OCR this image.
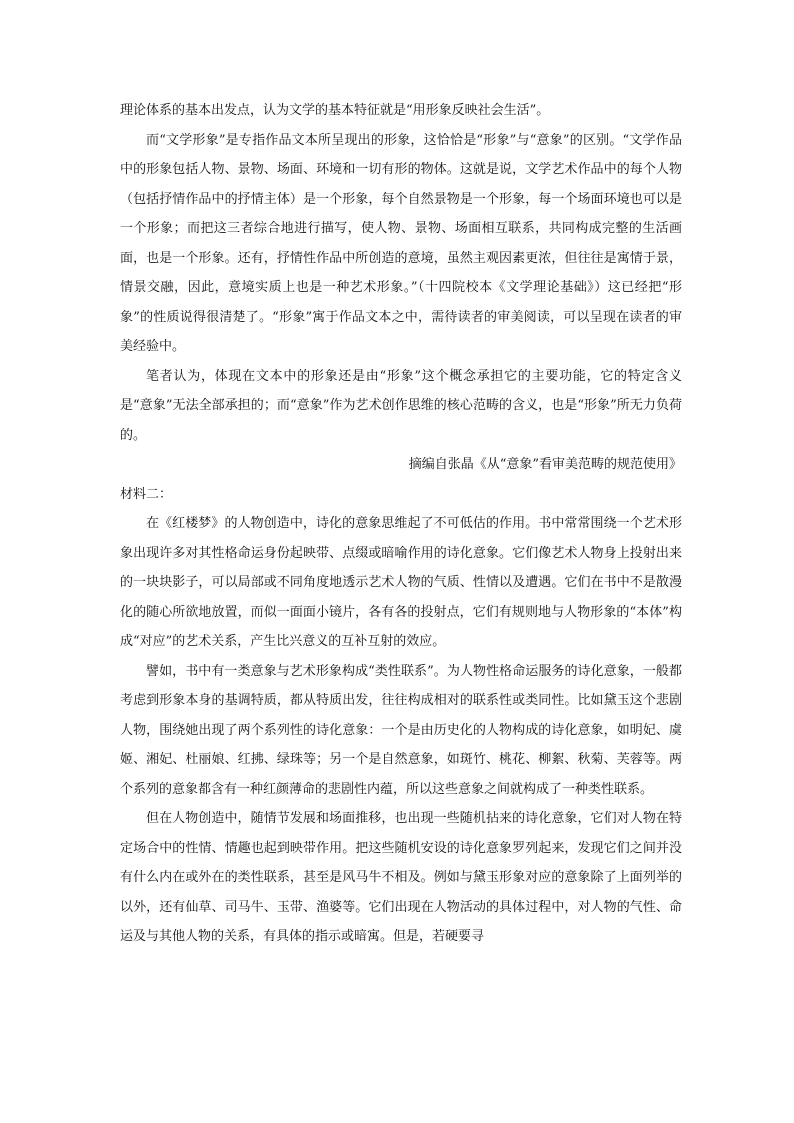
理论体系的基本出发点，认为文学的基本特征就是“用形象反映社会生活”。

而“文学形象”是专指作品文本所呈现出的形象，这恰恰是“形象”与“意象”的区别。“文学作品中的形象包括人物、景物、场面、环境和一切有形的物体。这就是说，文学艺术作品中的每个人物（包括抒情作品中的抒情主体）是一个形象，每个自然景物是一个形象，每一个场面环境也可以是一个形象；而把这三者综合地进行描写，使人物、景物、场面相互联系，共同构成完整的生活画面，也是一个形象。还有，抒情性作品中所创造的意境，虽然主观因素更浓，但往往是寓情于景，情景交融，因此，意境实质上也是一种艺术形象。”（十四院校本《文学理论基础》）这已经把“形象”的性质说得很清楚了。“形象”寓于作品文本之中，需待读者的审美阅读，可以呈现在读者的审美经验中。

笔者认为，体现在文本中的形象还是由“形象”这个概念承担它的主要功能，它的特定含义是“意象”无法全部承担的；而“意象”作为艺术创作思维的核心范畴的含义，也是“形象”所无力负荷的。

摘编自张晶《从“意象”看审美范畴的规范使用》

材料二：

在《红楼梦》的人物创造中，诗化的意象思维起了不可低估的作用。书中常常围绕一个艺术形象出现许多对其性格命运身份起映带、点缀或暗喻作用的诗化意象。它们像艺术人物身上投射出来的一块块影子，可以局部或不同角度地透示艺术人物的气质、性情以及遭遇。它们在书中不是散漫化的随心所欲地放置，而似一面面小镜片，各有各的投射点，它们有规则地与人物形象的“本体”构成“对应”的艺术关系，产生比兴意义的互补互射的效应。

譬如，书中有一类意象与艺术形象构成“类性联系”。为人物性格命运服务的诗化意象，一般都考虑到形象本身的基调特质，都从特质出发，往往构成相对的联系性或类同性。比如黛玉这个悲剧人物，围绕她出现了两个系列性的诗化意象：一个是由历史化的人物构成的诗化意象，如明妃、虞姬、湘妃、杜丽娘、红拂、绿珠等；另一个是自然意象，如斑竹、桃花、柳絮、秋菊、芙蓉等。两个系列的意象都含有一种红颜薄命的悲剧性内蕴，所以这些意象之间就构成了一种类性联系。

但在人物创造中，随情节发展和场面推移，也出现一些随机拈来的诗化意象，它们对人物在特定场合中的性情、情趣也起到映带作用。把这些随机安设的诗化意象罗列起来，发现它们之间并没有什么内在或外在的类性联系，甚至是风马牛不相及。例如与黛玉形象对应的意象除了上面列举的以外，还有仙草、司马牛、玉带、渔婆等。它们出现在人物活动的具体过程中，对人物的气性、命运及与其他人物的关系，有具体的指示或暗寓。但是，若硬要寻
